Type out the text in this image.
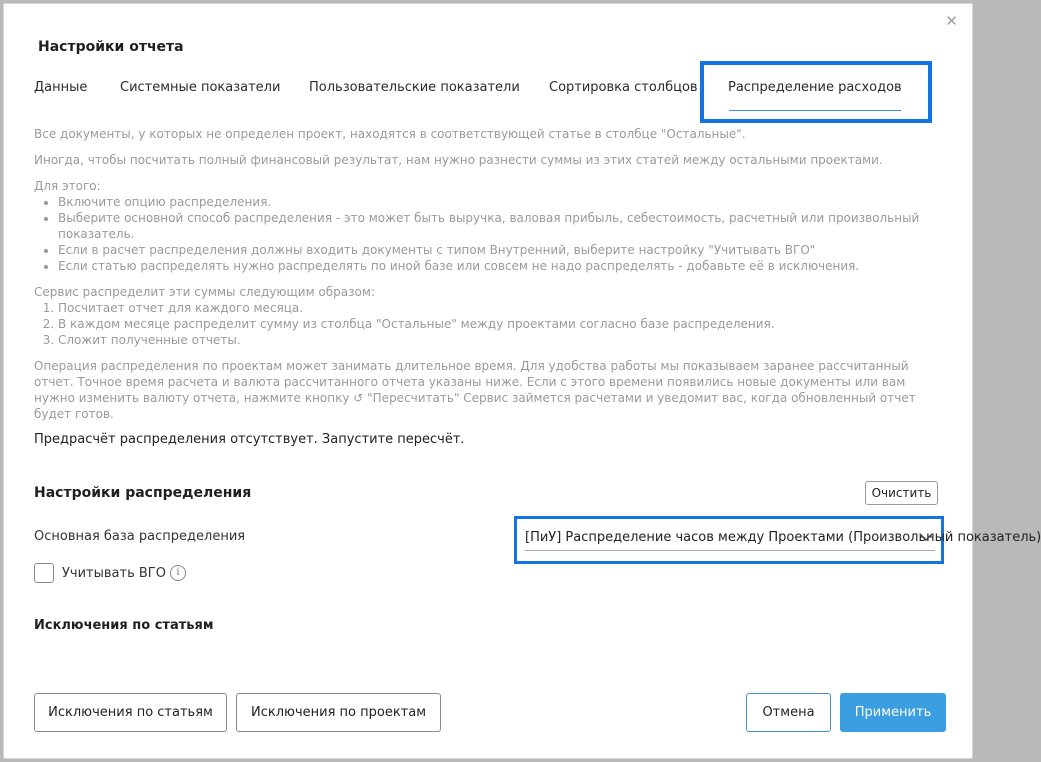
✕
Настройки отчета
Данные	Системные показатели Пользовательские показатели Сортировка столбцов Распределение расходов

Все документы, у которых не определен проект, находятся в соответствующей статье в столбце "Остальные".

Иногда, чтобы посчитать полный финансовый результат, нам нужно разнести суммы из этих статей между остальными проектами.

Для этого:
• Включите опцию распределения.
• Выберите основной способ распределения - это может быть выручка, валовая прибыль, себестоимость, расчетный или произвольный показатель.
• Если в расчет распределения должны входить документы с типом Внутренний, выберите настройку "Учитывать ВГО"
• Если статью распределять нужно распределять по иной базе или совсем не надо распределять - добавьте её в исключения.
Сервис распределит эти суммы следующим образом:
1. Посчитает отчет для каждого месяца.
2. В каждом месяце распределит сумму из столбца "Остальные" между проектами согласно базе распределения.
3. Сложит полученные отчеты.

Операция распределения по проектам может занимать длительное время. Для удобства работы мы показываем заранее рассчитанный отчет. Точное время расчета и валюта рассчитанного отчета указаны ниже. Если с этого времени появились новые документы или вам нужно изменить валюту отчета, нажмите кнопку ↺ "Пересчитать" Сервис займется расчетами и уведомит вас, когда обновленный отчет будет готов.

Предрасчёт распределения отсутствует. Запустите пересчёт.
Настройки распределения	Очистить
Основная база распределения	[ПиУ] Распределение часов между Проектами (Произвольный показатель)
Учитывать ВГО	i
Исключения по статьям
Исключения по статьям	Исключения по проектам	Отмена	Применить
